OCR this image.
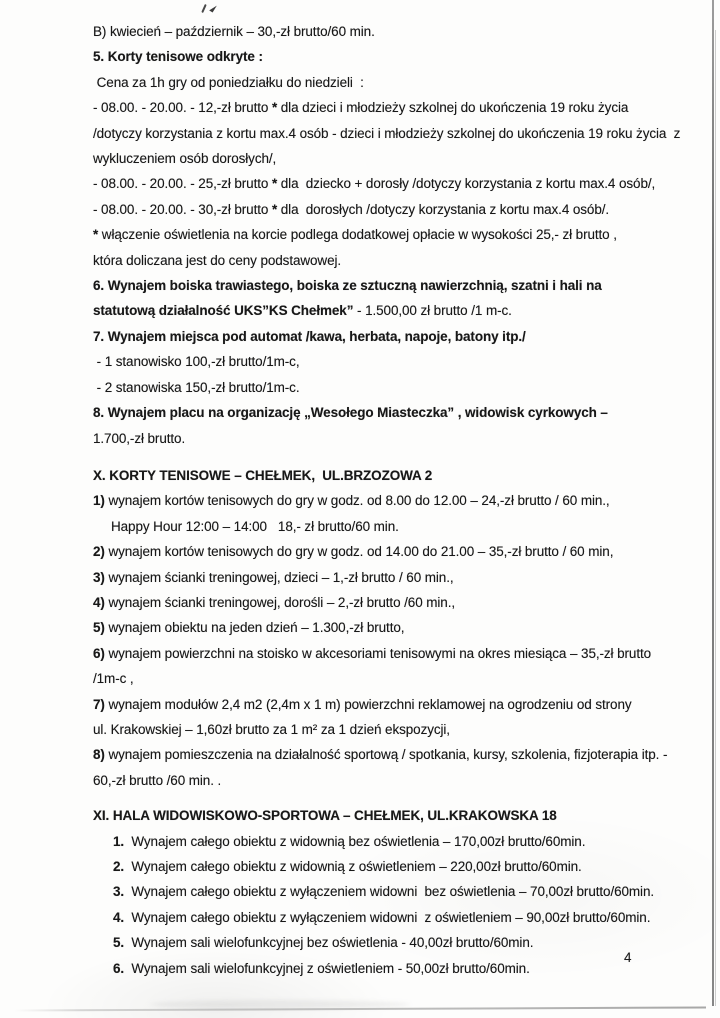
B) kwiecień – październik – 30,-zł brutto/60 min.
5. Korty tenisowe odkryte :
Cena za 1h gry od poniedziałku do niedzieli  :
- 08.00. - 20.00. - 12,-zł brutto * dla dzieci i młodzieży szkolnej do ukończenia 19 roku życia
/dotyczy korzystania z kortu max.4 osób - dzieci i młodzieży szkolnej do ukończenia 19 roku życia  z
wykluczeniem osób dorosłych/,
- 08.00. - 20.00. - 25,-zł brutto * dla  dziecko + dorosły /dotyczy korzystania z kortu max.4 osób/,
- 08.00. - 20.00. - 30,-zł brutto * dla  dorosłych /dotyczy korzystania z kortu max.4 osób/.
* włączenie oświetlenia na korcie podlega dodatkowej opłacie w wysokości 25,- zł brutto ,
która doliczana jest do ceny podstawowej.
6. Wynajem boiska trawiastego, boiska ze sztuczną nawierzchnią, szatni i hali na
statutową działalność UKS”KS Chełmek” - 1.500,00 zł brutto /1 m-c.
7. Wynajem miejsca pod automat /kawa, herbata, napoje, batony itp./
- 1 stanowisko 100,-zł brutto/1m-c,
- 2 stanowiska 150,-zł brutto/1m-c.
8. Wynajem placu na organizację „Wesołego Miasteczka” , widowisk cyrkowych –
1.700,-zł brutto.
X. KORTY TENISOWE – CHEŁMEK,  UL.BRZOZOWA 2
1) wynajem kortów tenisowych do gry w godz. od 8.00 do 12.00 – 24,-zł brutto / 60 min.,
Happy Hour 12:00 – 14:00   18,- zł brutto/60 min.
2) wynajem kortów tenisowych do gry w godz. od 14.00 do 21.00 – 35,-zł brutto / 60 min,
3) wynajem ścianki treningowej, dzieci – 1,-zł brutto / 60 min.,
4) wynajem ścianki treningowej, dorośli – 2,-zł brutto /60 min.,
5) wynajem obiektu na jeden dzień – 1.300,-zł brutto,
6) wynajem powierzchni na stoisko w akcesoriami tenisowymi na okres miesiąca – 35,-zł brutto
/1m-c ,
7) wynajem modułów 2,4 m2 (2,4m x 1 m) powierzchni reklamowej na ogrodzeniu od strony
ul. Krakowskiej – 1,60zł brutto za 1 m² za 1 dzień ekspozycji,
8) wynajem pomieszczenia na działalność sportową / spotkania, kursy, szkolenia, fizjoterapia itp. -
60,-zł brutto /60 min. .
XI. HALA WIDOWISKOWO-SPORTOWA – CHEŁMEK, UL.KRAKOWSKA 18
1.  Wynajem całego obiektu z widownią bez oświetlenia – 170,00zł brutto/60min.
2.  Wynajem całego obiektu z widownią z oświetleniem – 220,00zł brutto/60min.
3.  Wynajem całego obiektu z wyłączeniem widowni  bez oświetlenia – 70,00zł brutto/60min.
4.  Wynajem całego obiektu z wyłączeniem widowni  z oświetleniem – 90,00zł brutto/60min.
5.  Wynajem sali wielofunkcyjnej bez oświetlenia - 40,00zł brutto/60min.
6.  Wynajem sali wielofunkcyjnej z oświetleniem - 50,00zł brutto/60min.
4
